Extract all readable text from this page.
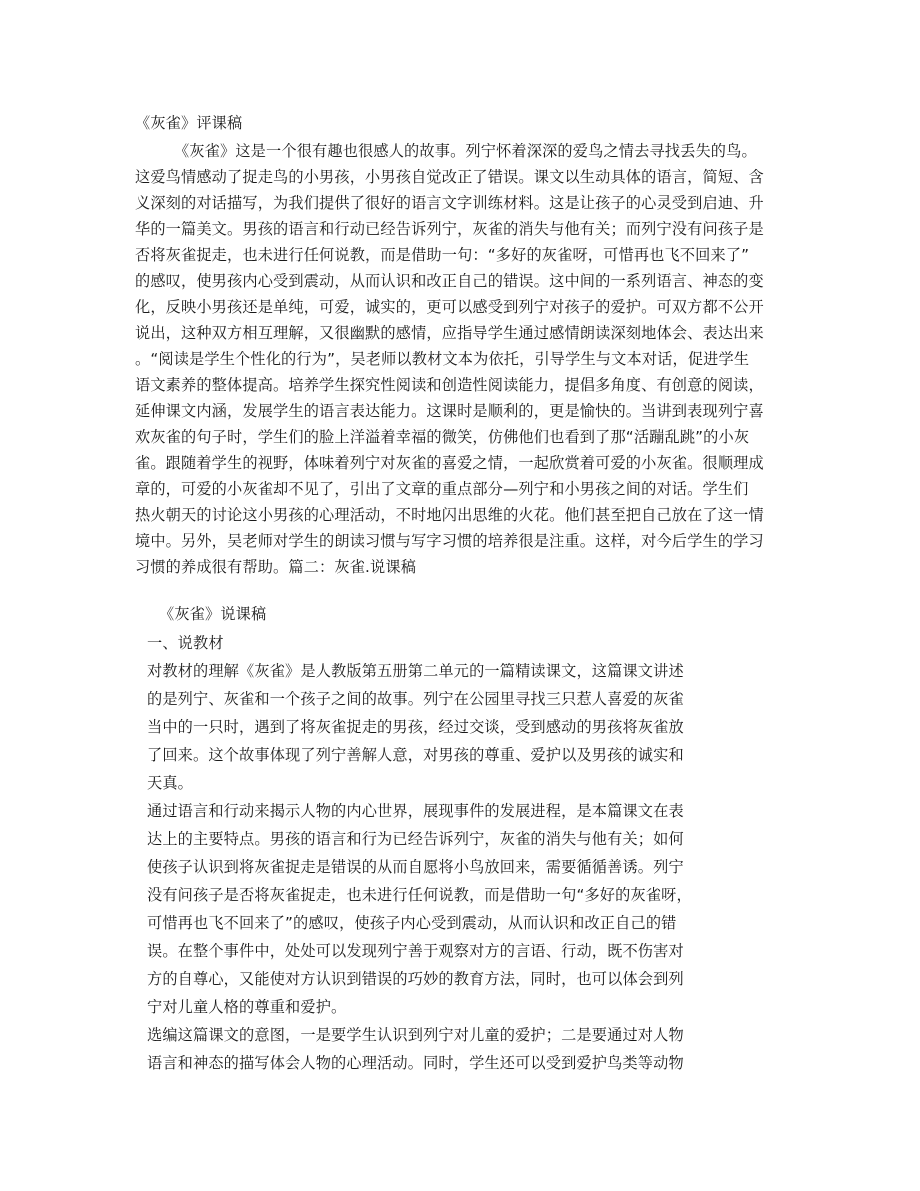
《灰雀》评课稿
《灰雀》这是一个很有趣也很感人的故事。列宁怀着深深的爱鸟之情去寻找丢失的鸟。
这爱鸟情感动了捉走鸟的小男孩，小男孩自觉改正了错误。课文以生动具体的语言，简短、含
义深刻的对话描写，为我们提供了很好的语言文字训练材料。这是让孩子的心灵受到启迪、升
华的一篇美文。男孩的语言和行动已经告诉列宁，灰雀的消失与他有关；而列宁没有问孩子是
否将灰雀捉走，也未进行任何说教，而是借助一句：“多好的灰雀呀，可惜再也飞不回来了”
的感叹，使男孩内心受到震动，从而认识和改正自己的错误。这中间的一系列语言、神态的变
化，反映小男孩还是单纯，可爱，诚实的，更可以感受到列宁对孩子的爱护。可双方都不公开
说出，这种双方相互理解，又很幽默的感情，应指导学生通过感情朗读深刻地体会、表达出来
。“阅读是学生个性化的行为”，吴老师以教材文本为依托，引导学生与文本对话，促进学生
语文素养的整体提高。培养学生探究性阅读和创造性阅读能力，提倡多角度、有创意的阅读，
延伸课文内涵，发展学生的语言表达能力。这课时是顺利的，更是愉快的。当讲到表现列宁喜
欢灰雀的句子时，学生们的脸上洋溢着幸福的微笑，仿佛他们也看到了那“活蹦乱跳”的小灰
雀。跟随着学生的视野，体味着列宁对灰雀的喜爱之情，一起欣赏着可爱的小灰雀。很顺理成
章的，可爱的小灰雀却不见了，引出了文章的重点部分—列宁和小男孩之间的对话。学生们
热火朝天的讨论这小男孩的心理活动，不时地闪出思维的火花。他们甚至把自己放在了这一情
境中。另外，吴老师对学生的朗读习惯与写字习惯的培养很是注重。这样，对今后学生的学习
习惯的养成很有帮助。篇二：灰雀.说课稿
《灰雀》说课稿
一、说教材
对教材的理解《灰雀》是人教版第五册第二单元的一篇精读课文，这篇课文讲述
的是列宁、灰雀和一个孩子之间的故事。列宁在公园里寻找三只惹人喜爱的灰雀
当中的一只时，遇到了将灰雀捉走的男孩，经过交谈，受到感动的男孩将灰雀放
了回来。这个故事体现了列宁善解人意，对男孩的尊重、爱护以及男孩的诚实和
天真。
通过语言和行动来揭示人物的内心世界，展现事件的发展进程，是本篇课文在表
达上的主要特点。男孩的语言和行为已经告诉列宁，灰雀的消失与他有关；如何
使孩子认识到将灰雀捉走是错误的从而自愿将小鸟放回来，需要循循善诱。列宁
没有问孩子是否将灰雀捉走，也未进行任何说教，而是借助一句“多好的灰雀呀，
可惜再也飞不回来了”的感叹，使孩子内心受到震动，从而认识和改正自己的错
误。在整个事件中，处处可以发现列宁善于观察对方的言语、行动，既不伤害对
方的自尊心，又能使对方认识到错误的巧妙的教育方法，同时，也可以体会到列
宁对儿童人格的尊重和爱护。
选编这篇课文的意图，一是要学生认识到列宁对儿童的爱护；二是要通过对人物
语言和神态的描写体会人物的心理活动。同时，学生还可以受到爱护鸟类等动物
